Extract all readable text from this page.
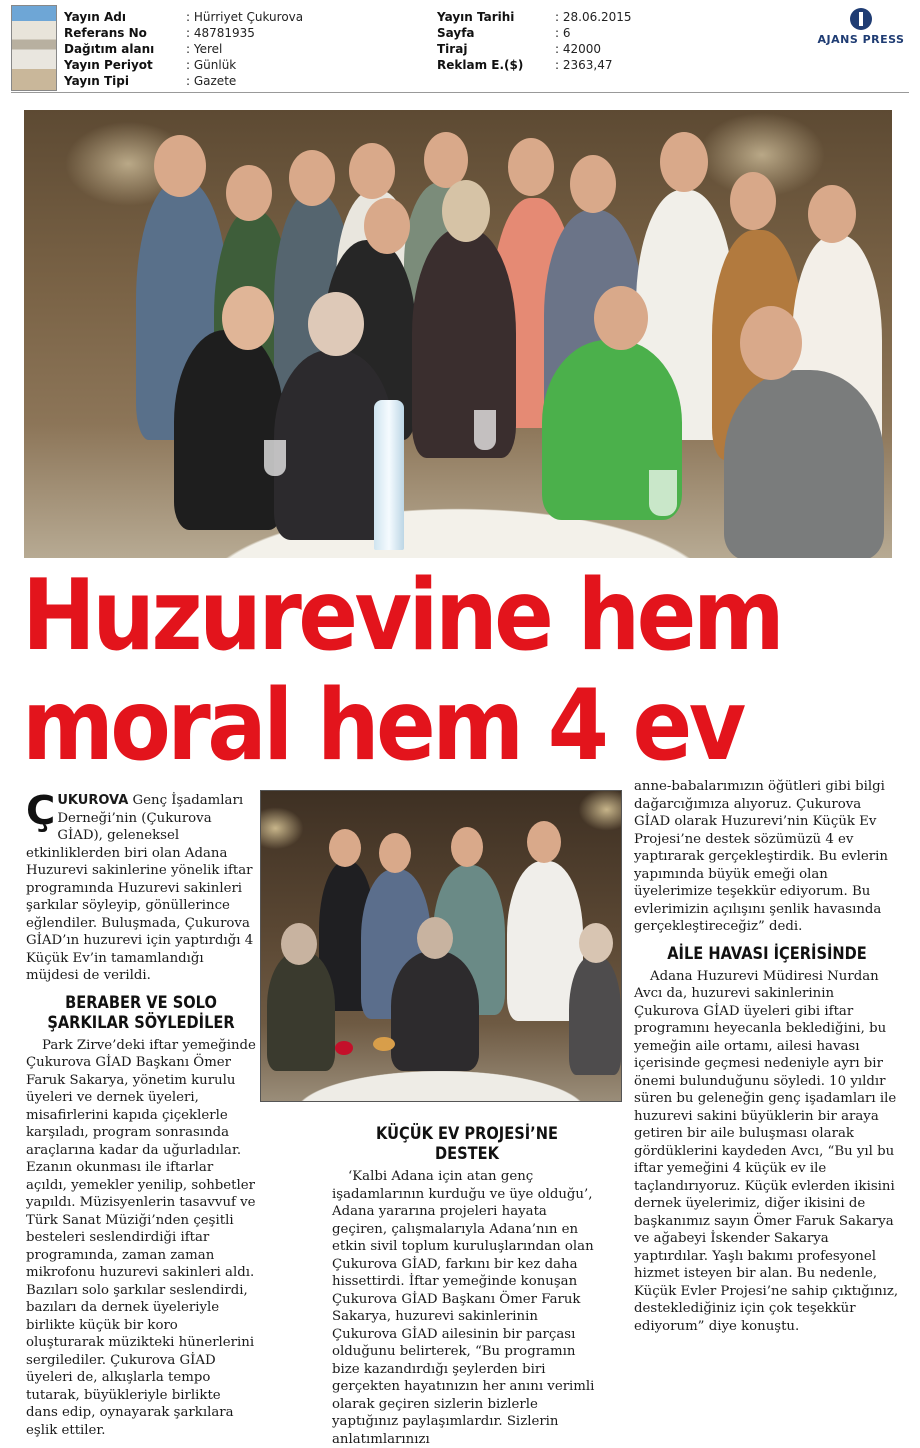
Yayın Adı	: Hürriyet Çukurova
Referans No	: 48781935
Dağıtım alanı	: Yerel
Yayın Periyot	: Günlük
Yayın Tipi	: Gazete
Yayın Tarihi	: 28.06.2015
Sayfa	: 6
Tiraj	: 42000
Reklam E.($)	: 2363,47
AJANS PRESS
Huzurevine hem
moral hem 4 ev

ÇUKUROVA Genç İşadamları Derneği’nin (Çukurova GİAD), geleneksel etkinliklerden biri olan Adana Huzurevi sakinlerine yönelik iftar programında Huzurevi sakinleri şarkılar söyleyip, gönüllerince eğlendiler. Buluşmada, Çukurova GİAD’ın huzurevi için yaptırdığı 4 Küçük Ev’in tamamlandığı müjdesi de verildi.

BERABER VE SOLO ŞARKILAR SÖYLEDİLER

Park Zirve’deki iftar yemeğinde Çukurova GİAD Başkanı Ömer Faruk Sakarya, yönetim kurulu üyeleri ve dernek üyeleri, misafirlerini kapıda çiçeklerle karşıladı, program sonrasında araçlarına kadar da uğurladılar. Ezanın okunması ile iftarlar açıldı, yemekler yenilip, sohbetler yapıldı. Müzisyenlerin tasavvuf ve Türk Sanat Müziği’nden çeşitli besteleri seslendirdiği iftar programında, zaman zaman mikrofonu huzurevi sakinleri aldı. Bazıları solo şarkılar seslendirdi, bazıları da dernek üyeleriyle birlikte küçük bir koro oluşturarak müzikteki hünerlerini sergilediler. Çukurova GİAD üyeleri de, alkışlarla tempo tutarak, büyükleriyle birlikte dans edip, oynayarak şarkılara eşlik ettiler.

KÜÇÜK EV PROJESİ’NE DESTEK

‘Kalbi Adana için atan genç işadamlarının kurduğu ve üye olduğu’, Adana yararına projeleri hayata geçiren, çalışmalarıyla Adana’nın en etkin sivil toplum kuruluşlarından olan Çukurova GİAD, farkını bir kez daha hissettirdi. İftar yemeğinde konuşan Çukurova GİAD Başkanı Ömer Faruk Sakarya, huzurevi sakinlerinin Çukurova GİAD ailesinin bir parçası olduğunu belirterek, “Bu programın bize kazandırdığı şeylerden biri gerçekten hayatınızın her anını verimli olarak geçiren sizlerin bizlerle yaptığınız paylaşımlardır. Sizlerin anlatımlarınızı

anne-babalarımızın öğütleri gibi bilgi dağarcığımıza alıyoruz. Çukurova GİAD olarak Huzurevi’nin Küçük Ev Projesi’ne destek sözümüzü 4 ev yaptırarak gerçekleştirdik. Bu evlerin yapımında büyük emeği olan üyelerimize teşekkür ediyorum. Bu evlerimizin açılışını şenlik havasında gerçekleştireceğiz” dedi.

AİLE HAVASI İÇERİSİNDE

Adana Huzurevi Müdiresi Nurdan Avcı da, huzurevi sakinlerinin Çukurova GİAD üyeleri gibi iftar programını heyecanla beklediğini, bu yemeğin aile ortamı, ailesi havası içerisinde geçmesi nedeniyle ayrı bir önemi bulunduğunu söyledi. 10 yıldır süren bu geleneğin genç işadamları ile huzurevi sakini büyüklerin bir araya getiren bir aile buluşması olarak gördüklerini kaydeden Avcı, “Bu yıl bu iftar yemeğini 4 küçük ev ile taçlandırıyoruz. Küçük evlerden ikisini dernek üyelerimiz, diğer ikisini de başkanımız sayın Ömer Faruk Sakarya ve ağabeyi İskender Sakarya yaptırdılar. Yaşlı bakımı profesyonel hizmet isteyen bir alan. Bu nedenle, Küçük Evler Projesi’ne sahip çıktığınız, desteklediğiniz için çok teşekkür ediyorum” diye konuştu.
